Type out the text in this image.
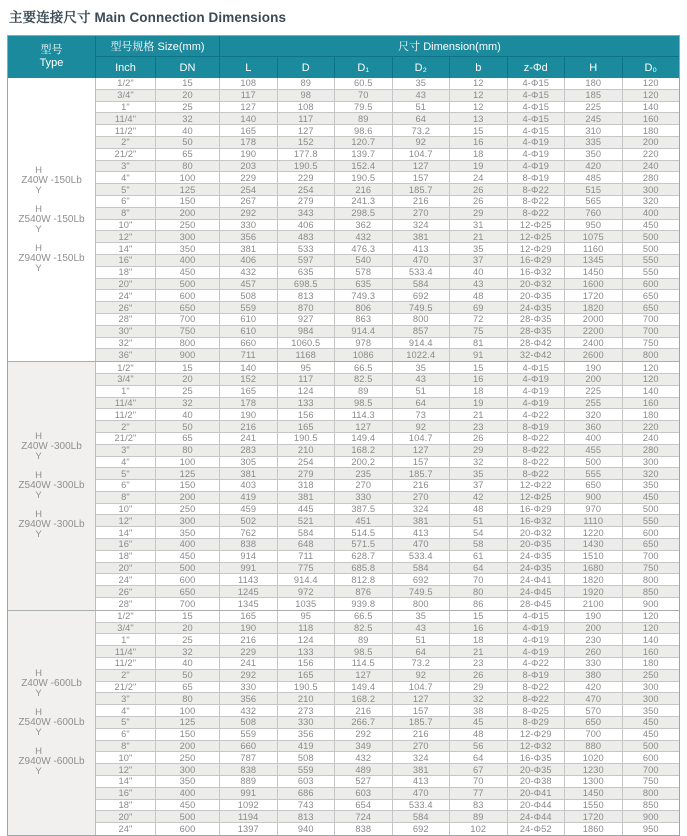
主要连接尺寸 Main Connection Dimensions
型号
Type
型号规格 Size(mm)	尺寸 Dimension(mm)
Inch	DN	L	D	D₁	D₂	b	z-Φd	H	D₀
H
Z40W -150Lb
Y
H
Z540W -150Lb
Y
H
Z940W -150Lb
Y
1/2"	15	108	89	60.5	35	12	4-Φ15	180	120
3/4"	20	117	98	70	43	12	4-Φ15	185	120
1"	25	127	108	79.5	51	12	4-Φ15	225	140
11/4"	32	140	117	89	64	13	4-Φ15	245	160
11/2"	40	165	127	98.6	73.2	15	4-Φ15	310	180
2"	50	178	152	120.7	92	16	4-Φ19	335	200
21/2"	65	190	177.8	139.7	104.7	18	4-Φ19	350	220
3"	80	203	190.5	152.4	127	19	4-Φ19	420	240
4"	100	229	229	190.5	157	24	8-Φ19	485	280
5"	125	254	254	216	185.7	26	8-Φ22	515	300
6"	150	267	279	241.3	216	26	8-Φ22	565	320
8"	200	292	343	298.5	270	29	8-Φ22	760	400
10"	250	330	406	362	324	31	12-Φ25	950	450
12"	300	356	483	432	381	21	12-Φ25	1075	500
14"	350	381	533	476.3	413	35	12-Φ29	1160	500
16"	400	406	597	540	470	37	16-Φ29	1345	550
18"	450	432	635	578	533.4	40	16-Φ32	1450	550
20"	500	457	698.5	635	584	43	20-Φ32	1600	600
24"	600	508	813	749.3	692	48	20-Φ35	1720	650
26"	650	559	870	806	749.5	69	24-Φ35	1820	650
28"	700	610	927	863	800	72	28-Φ35	2000	700
30"	750	610	984	914.4	857	75	28-Φ35	2200	700
32"	800	660	1060.5	978	914.4	81	28-Φ42	2400	750
36"	900	711	1168	1086	1022.4	91	32-Φ42	2600	800
H
Z40W -300Lb
Y
H
Z540W -300Lb
Y
H
Z940W -300Lb
Y
1/2"	15	140	95	66.5	35	15	4-Φ15	190	120
3/4"	20	152	117	82.5	43	16	4-Φ19	200	120
1"	25	165	124	89	51	18	4-Φ19	225	140
11/4"	32	178	133	98.5	64	19	4-Φ19	255	160
11/2"	40	190	156	114.3	73	21	4-Φ22	320	180
2"	50	216	165	127	92	23	8-Φ19	360	220
21/2"	65	241	190.5	149.4	104.7	26	8-Φ22	400	240
3"	80	283	210	168.2	127	29	8-Φ22	455	280
4"	100	305	254	200.2	157	32	8-Φ22	500	300
5"	125	381	279	235	185.7	35	8-Φ22	555	320
6"	150	403	318	270	216	37	12-Φ22	650	350
8"	200	419	381	330	270	42	12-Φ25	900	450
10"	250	459	445	387.5	324	48	16-Φ29	970	500
12"	300	502	521	451	381	51	16-Φ32	1110	550
14"	350	762	584	514.5	413	54	20-Φ32	1220	600
16"	400	838	648	571.5	470	58	20-Φ35	1430	650
18"	450	914	711	628.7	533.4	61	24-Φ35	1510	700
20"	500	991	775	685.8	584	64	24-Φ35	1680	750
24"	600	1143	914.4	812.8	692	70	24-Φ41	1820	800
26"	650	1245	972	876	749.5	80	24-Φ45	1920	850
28"	700	1345	1035	939.8	800	86	28-Φ45	2100	900
H
Z40W -600Lb
Y
H
Z540W -600Lb
Y
H
Z940W -600Lb
Y
1/2"	15	165	95	66.5	35	15	4-Φ15	190	120
3/4"	20	190	118	82.5	43	16	4-Φ19	200	120
1"	25	216	124	89	51	18	4-Φ19	230	140
11/4"	32	229	133	98.5	64	21	4-Φ19	260	160
11/2"	40	241	156	114.5	73.2	23	4-Φ22	330	180
2"	50	292	165	127	92	26	8-Φ19	380	250
21/2"	65	330	190.5	149.4	104.7	29	8-Φ22	420	300
3"	80	356	210	168.2	127	32	8-Φ22	470	300
4"	100	432	273	216	157	38	8-Φ25	570	350
5"	125	508	330	266.7	185.7	45	8-Φ29	650	450
6"	150	559	356	292	216	48	12-Φ29	700	450
8"	200	660	419	349	270	56	12-Φ32	880	500
10"	250	787	508	432	324	64	16-Φ35	1020	600
12"	300	838	559	489	381	67	20-Φ35	1230	700
14"	350	889	603	527	413	70	20-Φ38	1300	750
16"	400	991	686	603	470	77	20-Φ41	1450	800
18"	450	1092	743	654	533.4	83	20-Φ44	1550	850
20"	500	1194	813	724	584	89	24-Φ44	1720	900
24"	600	1397	940	838	692	102	24-Φ52	1860	950
